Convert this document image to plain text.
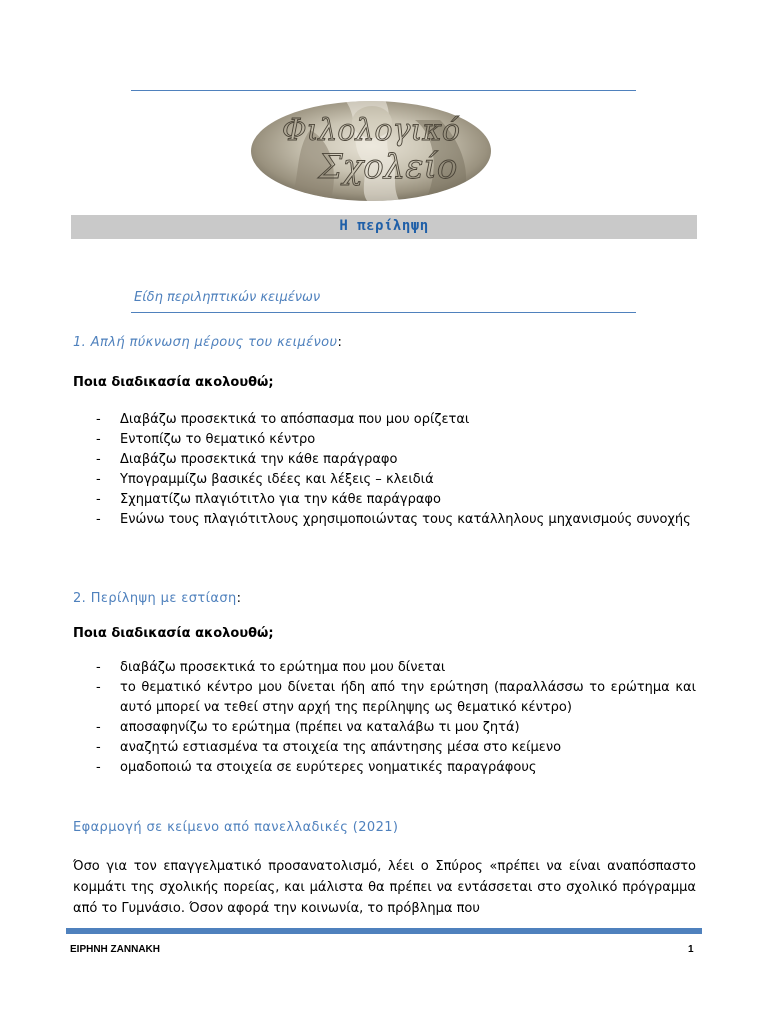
Φιλολογικό
Σχολείο
Η περίληψη
Είδη περιληπτικών κειμένων
1. Απλή πύκνωση μέρους του κειμένου:
Ποια διαδικασία ακολουθώ;
- Διαβάζω προσεκτικά το απόσπασμα που μου ορίζεται
- Εντοπίζω το θεματικό κέντρο
- Διαβάζω προσεκτικά την κάθε παράγραφο
- Υπογραμμίζω βασικές ιδέες και λέξεις – κλειδιά
- Σχηματίζω πλαγιότιτλο για την κάθε παράγραφο
- Ενώνω τους πλαγιότιτλους χρησιμοποιώντας τους κατάλληλους μηχανισμούς συνοχής
2. Περίληψη με εστίαση:
Ποια διαδικασία ακολουθώ;
- διαβάζω προσεκτικά το ερώτημα που μου δίνεται
- το θεματικό κέντρο μου δίνεται ήδη από την ερώτηση (παραλλάσσω το ερώτημα και αυτό μπορεί να τεθεί στην αρχή της περίληψης ως θεματικό κέντρο)
- αποσαφηνίζω το ερώτημα (πρέπει να καταλάβω τι μου ζητά)
- αναζητώ εστιασμένα τα στοιχεία της απάντησης μέσα στο κείμενο
- ομαδοποιώ τα στοιχεία σε ευρύτερες νοηματικές παραγράφους
Εφαρμογή σε κείμενο από πανελλαδικές (2021)
Όσο για τον επαγγελματικό προσανατολισμό, λέει ο Σπύρος «πρέπει να είναι αναπόσπαστο κομμάτι της σχολικής πορείας, και μάλιστα θα πρέπει να εντάσσεται στο σχολικό πρόγραμμα από το Γυμνάσιο. Όσον αφορά την κοινωνία, το πρόβλημα που
ΕΙΡΗΝΗ ΖΑΝΝΑΚΗ	1
